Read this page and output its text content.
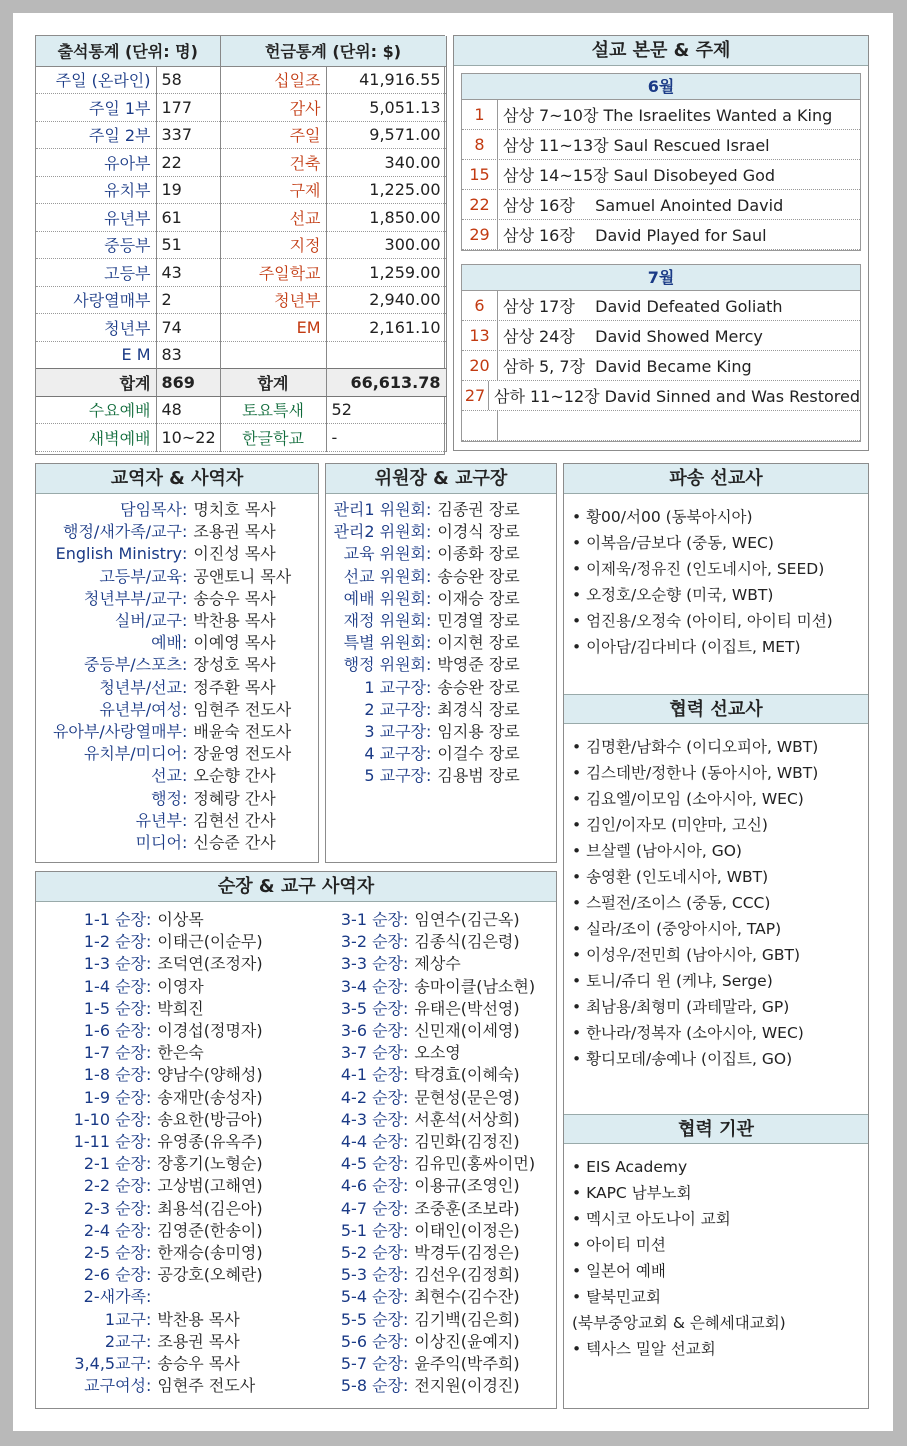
출석통계 (단위: 명)		헌금통계 (단위: $)	
주일 (온라인)	58	십일조	41,916.55
주일 1부	177	감사	5,051.13
주일 2부	337	주일	9,571.00
유아부	22	건축	340.00
유치부	19	구제	1,225.00
유년부	61	선교	1,850.00
중등부	51	지정	300.00
고등부	43	주일학교	1,259.00
사랑열매부	2	청년부	2,940.00
청년부	74	EM	2,161.10
E M	83		
합계	869	합계	66,613.78
수요예배	48	토요특새	52
새벽예배	10~22	한글학교	-
설교 본문 & 주제
6월
1	삼상 7~10장 The Israelites Wanted a King
8	삼상 11~13장 Saul Rescued Israel
15 삼상 14~15장 Saul Disobeyed God
22 삼상 16장    Samuel Anointed David
29 삼상 16장    David Played for Saul
7월
6	삼상 17장    David Defeated Goliath
13 삼상 24장    David Showed Mercy
20 삼하 5, 7장  David Became King
27 삼하 11~12장 David Sinned and Was Restored
교역자 & 사역자
담임목사 : 명치호 목사
행정/새가족/교구 : 조용권 목사
English Ministry : 이진성 목사
고등부/교육 : 공앤토니 목사
청년부부/교구 : 송승우 목사
실버/교구 : 박찬용 목사
예배 : 이예영 목사
중등부/스포츠 : 장성호 목사
청년부/선교 : 정주환 목사
유년부/여성 : 임현주 전도사
유아부/사랑열매부 : 배윤숙 전도사
유치부/미디어 : 장윤영 전도사
선교 : 오순향 간사
행정 : 정혜랑 간사
유년부 : 김현선 간사
미디어 : 신승준 간사
위원장 & 교구장
관리1 위원회 : 김종권 장로
관리2 위원회 : 이경식 장로
교육 위원회 : 이종화 장로
선교 위원회 : 송승완 장로
예배 위원회 : 이재승 장로
재정 위원회 : 민경열 장로
특별 위원회 : 이지현 장로
행정 위원회 : 박영준 장로
1 교구장 : 송승완 장로
2 교구장 : 최경식 장로
3 교구장 : 임지용 장로
4 교구장 : 이걸수 장로
5 교구장 : 김용범 장로
순장 & 교구 사역자
1-1 순장 : 이상목
1-2 순장 : 이태근(이순무)
1-3 순장 : 조덕연(조정자)
1-4 순장 : 이영자
1-5 순장 : 박희진
1-6 순장 : 이경섭(정명자)
1-7 순장 : 한은숙
1-8 순장 : 양남수(양해성)
1-9 순장 : 송재만(송성자)
1-10 순장 : 송요한(방금아)
1-11 순장 : 유영종(유옥주)
2-1 순장 : 장홍기(노형순)
2-2 순장 : 고상범(고해연)
2-3 순장 : 최용석(김은아)
2-4 순장 : 김영준(한송이)
2-5 순장 : 한재승(송미영)
2-6 순장 : 공강호(오혜란)
2-새가족 :
1교구 : 박찬용 목사
2교구 : 조용권 목사
3,4,5교구 : 송승우 목사
교구여성 : 임현주 전도사
3-1 순장 : 임연수(김근옥)
3-2 순장 : 김종식(김은령)
3-3 순장 : 제상수
3-4 순장 : 송마이클(남소현)
3-5 순장 : 유태은(박선영)
3-6 순장 : 신민재(이세영)
3-7 순장 : 오소영
4-1 순장 : 탁경효(이혜숙)
4-2 순장 : 문현성(문은영)
4-3 순장 : 서훈석(서상희)
4-4 순장 : 김민화(김정진)
4-5 순장 : 김유민(홍싸이먼)
4-6 순장 : 이용규(조영인)
4-7 순장 : 조중훈(조보라)
5-1 순장 : 이태인(이정은)
5-2 순장 : 박경두(김정은)
5-3 순장 : 김선우(김정희)
5-4 순장 : 최현수(김수잔)
5-5 순장 : 김기백(김은희)
5-6 순장 : 이상진(윤예지)
5-7 순장 : 윤주익(박주희)
5-8 순장 : 전지원(이경진)
파송 선교사
• 황00/서00 (동북아시아)
• 이복음/금보다 (중동, WEC)
• 이제욱/정유진 (인도네시아, SEED)
• 오정호/오순향 (미국, WBT)
• 엄진용/오정숙 (아이티, 아이티 미션)
• 이아담/김다비다 (이집트, MET)
협력 선교사
• 김명환/남화수 (이디오피아, WBT)
• 김스데반/정한나 (동아시아, WBT)
• 김요엘/이모임 (소아시아, WEC)
• 김인/이자모 (미얀마, 고신)
• 브살렐 (남아시아, GO)
• 송영환 (인도네시아, WBT)
• 스펄전/조이스 (중동, CCC)
• 실라/조이 (중앙아시아, TAP)
• 이성우/전민희 (남아시아, GBT)
• 토니/쥬디 윈 (케냐, Serge)
• 최남용/최형미 (과테말라, GP)
• 한나라/정복자 (소아시아, WEC)
• 황디모데/송예나 (이집트, GO)
협력 기관
• EIS Academy
• KAPC 남부노회
• 멕시코 아도나이 교회
• 아이티 미션
• 일본어 예배
• 탈북민교회
(북부중앙교회 & 은혜세대교회)
• 텍사스 밀알 선교회
